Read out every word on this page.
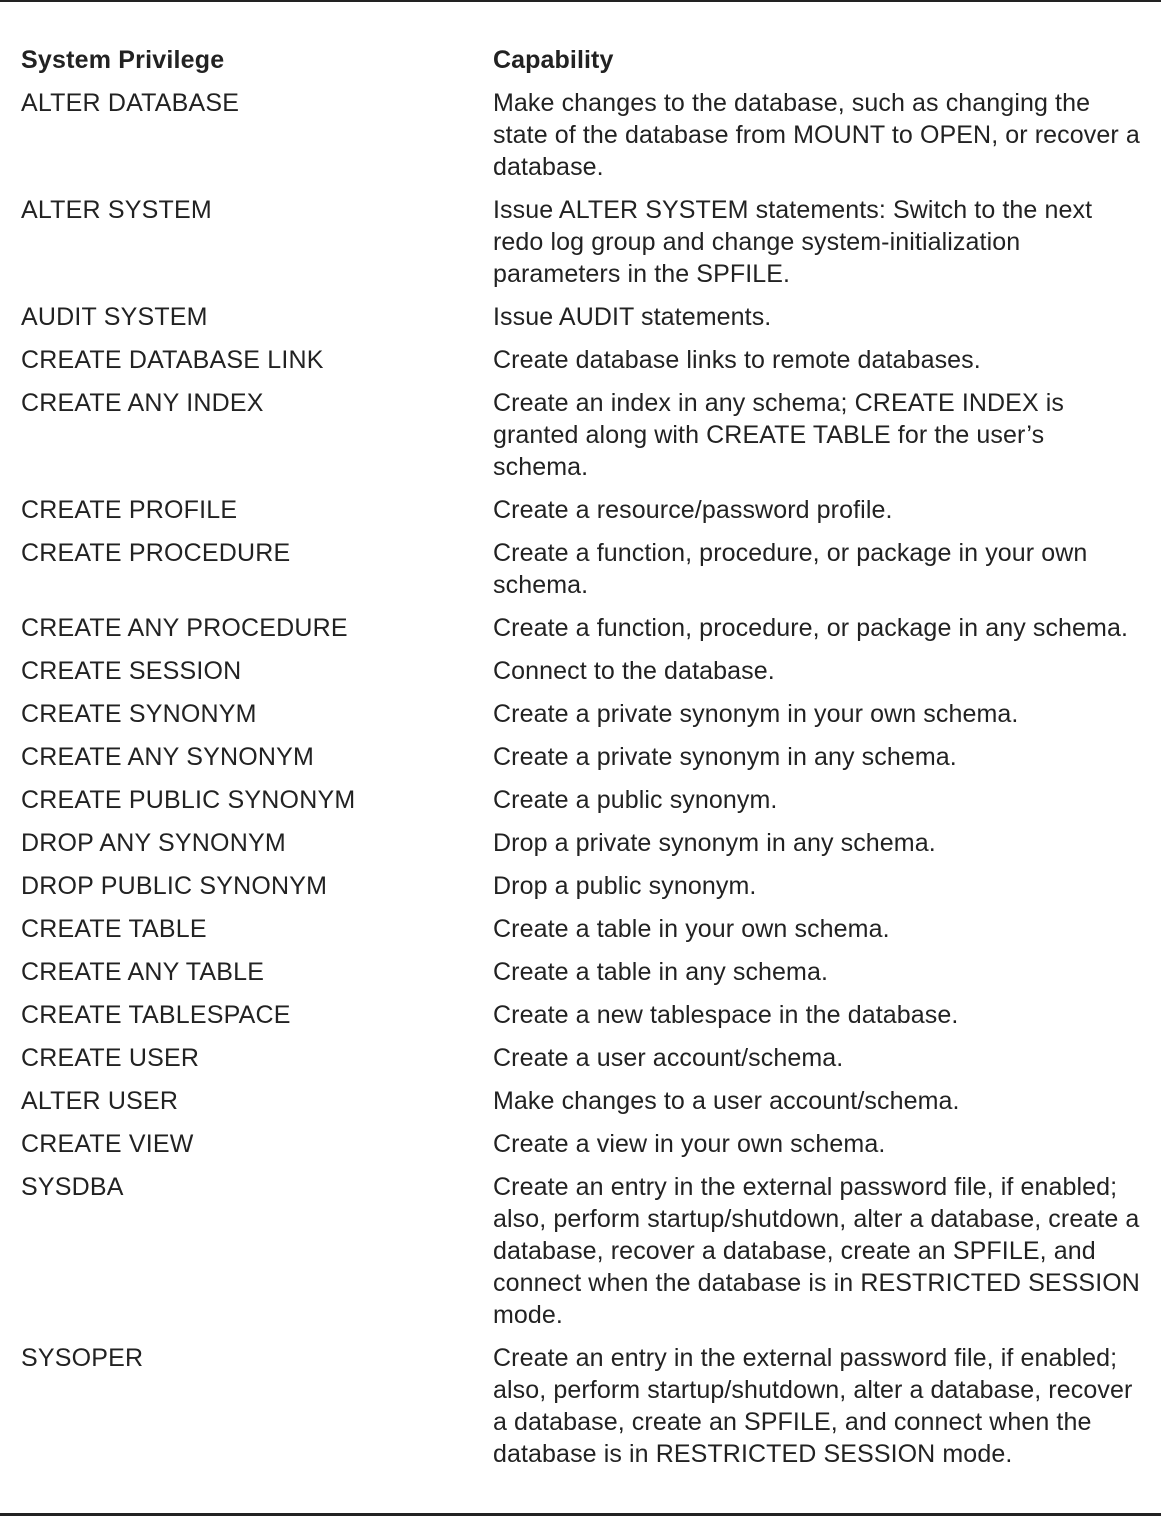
System Privilege	Capability
ALTER DATABASE	Make changes to the database, such as changing the state of the database from MOUNT to OPEN, or recover a database.
ALTER SYSTEM	Issue ALTER SYSTEM statements: Switch to the next redo log group and change system-initialization parameters in the SPFILE.
AUDIT SYSTEM	Issue AUDIT statements.
CREATE DATABASE LINK	Create database links to remote databases.
CREATE ANY INDEX	Create an index in any schema; CREATE INDEX is granted along with CREATE TABLE for the user’s schema.
CREATE PROFILE	Create a resource/password profile.
CREATE PROCEDURE	Create a function, procedure, or package in your own schema.
CREATE ANY PROCEDURE	Create a function, procedure, or package in any schema.
CREATE SESSION	Connect to the database.
CREATE SYNONYM	Create a private synonym in your own schema.
CREATE ANY SYNONYM	Create a private synonym in any schema.
CREATE PUBLIC SYNONYM	Create a public synonym.
DROP ANY SYNONYM	Drop a private synonym in any schema.
DROP PUBLIC SYNONYM	Drop a public synonym.
CREATE TABLE	Create a table in your own schema.
CREATE ANY TABLE	Create a table in any schema.
CREATE TABLESPACE	Create a new tablespace in the database.
CREATE USER	Create a user account/schema.
ALTER USER	Make changes to a user account/schema.
CREATE VIEW	Create a view in your own schema.
SYSDBA	Create an entry in the external password file, if enabled; also, perform startup/shutdown, alter a database, create a database, recover a database, create an SPFILE, and connect when the database is in RESTRICTED SESSION mode.
SYSOPER	Create an entry in the external password file, if enabled; also, perform startup/shutdown, alter a database, recover a database, create an SPFILE, and connect when the database is in RESTRICTED SESSION mode.
